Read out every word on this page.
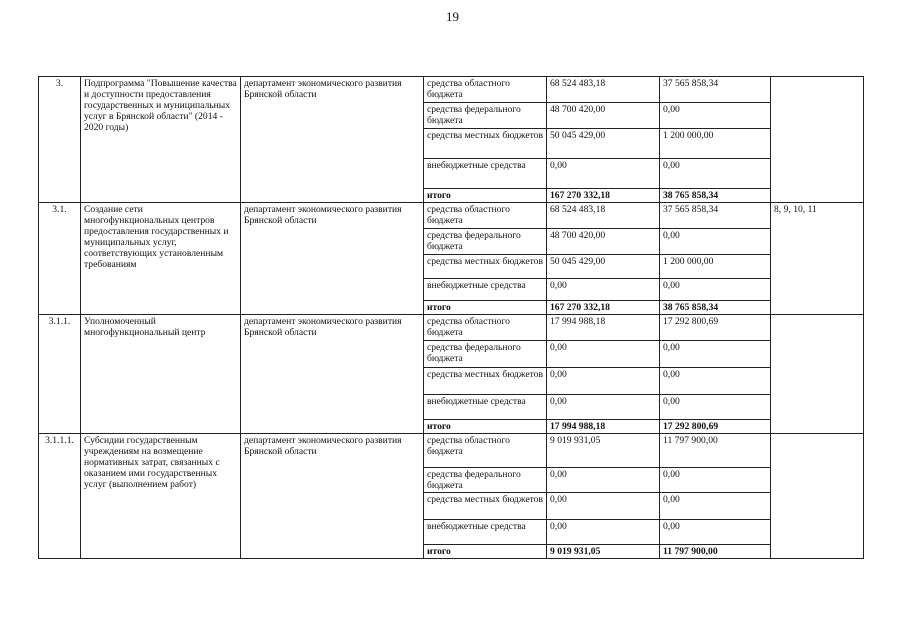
19
3.	Подпрограмма "Повышение качества и доступности предоставления государственных и муниципальных услуг в Брянской области" (2014 - 2020 годы)	департамент экономического развития Брянской области	средства областного бюджета	68 524 483,18	37 565 858,34	

			средства федерального бюджета	48 700 420,00	0,00	

			средства местных бюджетов	50 045 429,00	1 200 000,00	

			внебюджетные средства	0,00	0,00	

			итого	167 270 332,18	38 765 858,34	

3.1.	Создание сети многофункциональных центров предоставления государственных и муниципальных услуг, соответствующих установленным требованиям	департамент экономического развития Брянской области	средства областного бюджета	68 524 483,18	37 565 858,34	8, 9, 10, 11

			средства федерального бюджета	48 700 420,00	0,00	

			средства местных бюджетов	50 045 429,00	1 200 000,00	

			внебюджетные средства	0,00	0,00	

			итого	167 270 332,18	38 765 858,34	

3.1.1.	Уполномоченный многофункциональный центр	департамент экономического развития Брянской области	средства областного бюджета	17 994 988,18	17 292 800,69	

			средства федерального бюджета	0,00	0,00	

			средства местных бюджетов	0,00	0,00	

			внебюджетные средства	0,00	0,00	

			итого	17 994 988,18	17 292 800,69	

3.1.1.1.	Субсидии государственным учреждениям на возмещение нормативных затрат, связанных с оказанием ими государственных услуг (выполнением работ)	департамент экономического развития Брянской области	средства областного бюджета	9 019 931,05	11 797 900,00	

			средства федерального бюджета	0,00	0,00	

			средства местных бюджетов	0,00	0,00	

			внебюджетные средства	0,00	0,00	

			итого	9 019 931,05	11 797 900,00	
